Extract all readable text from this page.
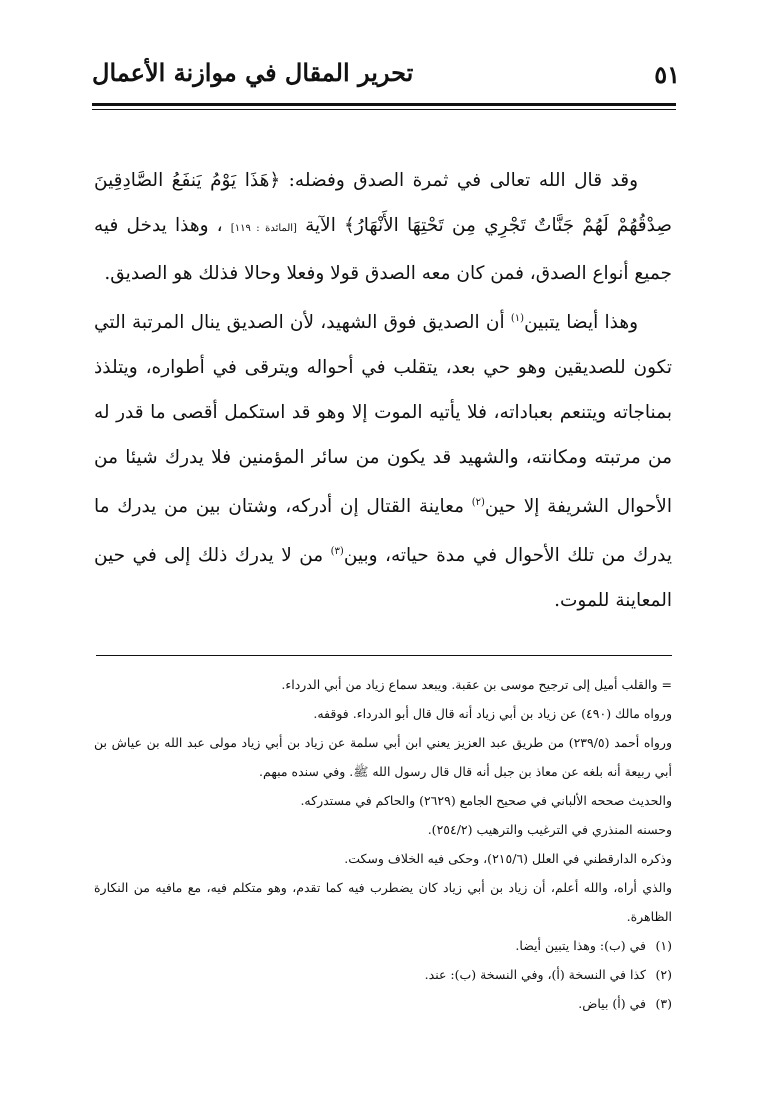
تحرير المقال في موازنة الأعمال	٥١

وقد قال الله تعالى في ثمرة الصدق وفضله: ﴿هَذَا يَوْمُ يَنفَعُ الصَّادِقِينَ صِدْقُهُمْ لَهُمْ جَنَّاتٌ تَجْرِي مِن تَحْتِهَا الأَنْهَارُ﴾ الآية [المائدة : ١١٩] ، وهذا يدخل فيه جميع أنواع الصدق، فمن كان معه الصدق قولا وفعلا وحالا فذلك هو الصديق.

وهذا أيضا يتبين$^{(١)}$ أن الصديق فوق الشهيد، لأن الصديق ينال المرتبة التي تكون للصديقين وهو حي بعد، يتقلب في أحواله ويترقى في أطواره، ويتلذذ بمناجاته ويتنعم بعباداته، فلا يأتيه الموت إلا وهو قد استكمل أقصى ما قدر له من مرتبته ومكانته، والشهيد قد يكون من سائر المؤمنين فلا يدرك شيئا من الأحوال الشريفة إلا حين$^{(٢)}$ معاينة القتال إن أدركه، وشتان بين من يدرك ما يدرك من تلك الأحوال في مدة حياته، وبين$^{(٣)}$ من لا يدرك ذلك إلى في حين المعاينة للموت.

= والقلب أميل إلى ترجيح موسى بن عقبة. ويبعد سماع زياد من أبي الدرداء.

ورواه مالك (٤٩٠) عن زياد بن أبي زياد أنه قال قال أبو الدرداء. فوقفه.

ورواه أحمد (٢٣٩/٥) من طريق عبد العزيز يعني ابن أبي سلمة عن زياد بن أبي زياد مولى عبد الله بن عياش بن أبي ربيعة أنه بلغه عن معاذ بن جبل أنه قال قال رسول الله ﷺ. وفي سنده مبهم.

والحديث صححه الألباني في صحيح الجامع (٢٦٢٩) والحاكم في مستدركه.

وحسنه المنذري في الترغيب والترهيب (٢٥٤/٢).

وذكره الدارقطني في العلل (٢١٥/٦)، وحكى فيه الخلاف وسكت.

والذي أراه، والله أعلم، أن زياد بن أبي زياد كان يضطرب فيه كما تقدم، وهو متكلم فيه، مع مافيه من النكارة الظاهرة.

(١)في (ب): وهذا يتبين أيضا.

(٢)كذا في النسخة (أ)، وفي النسخة (ب): عند.

(٣)في (أ) بياض.
